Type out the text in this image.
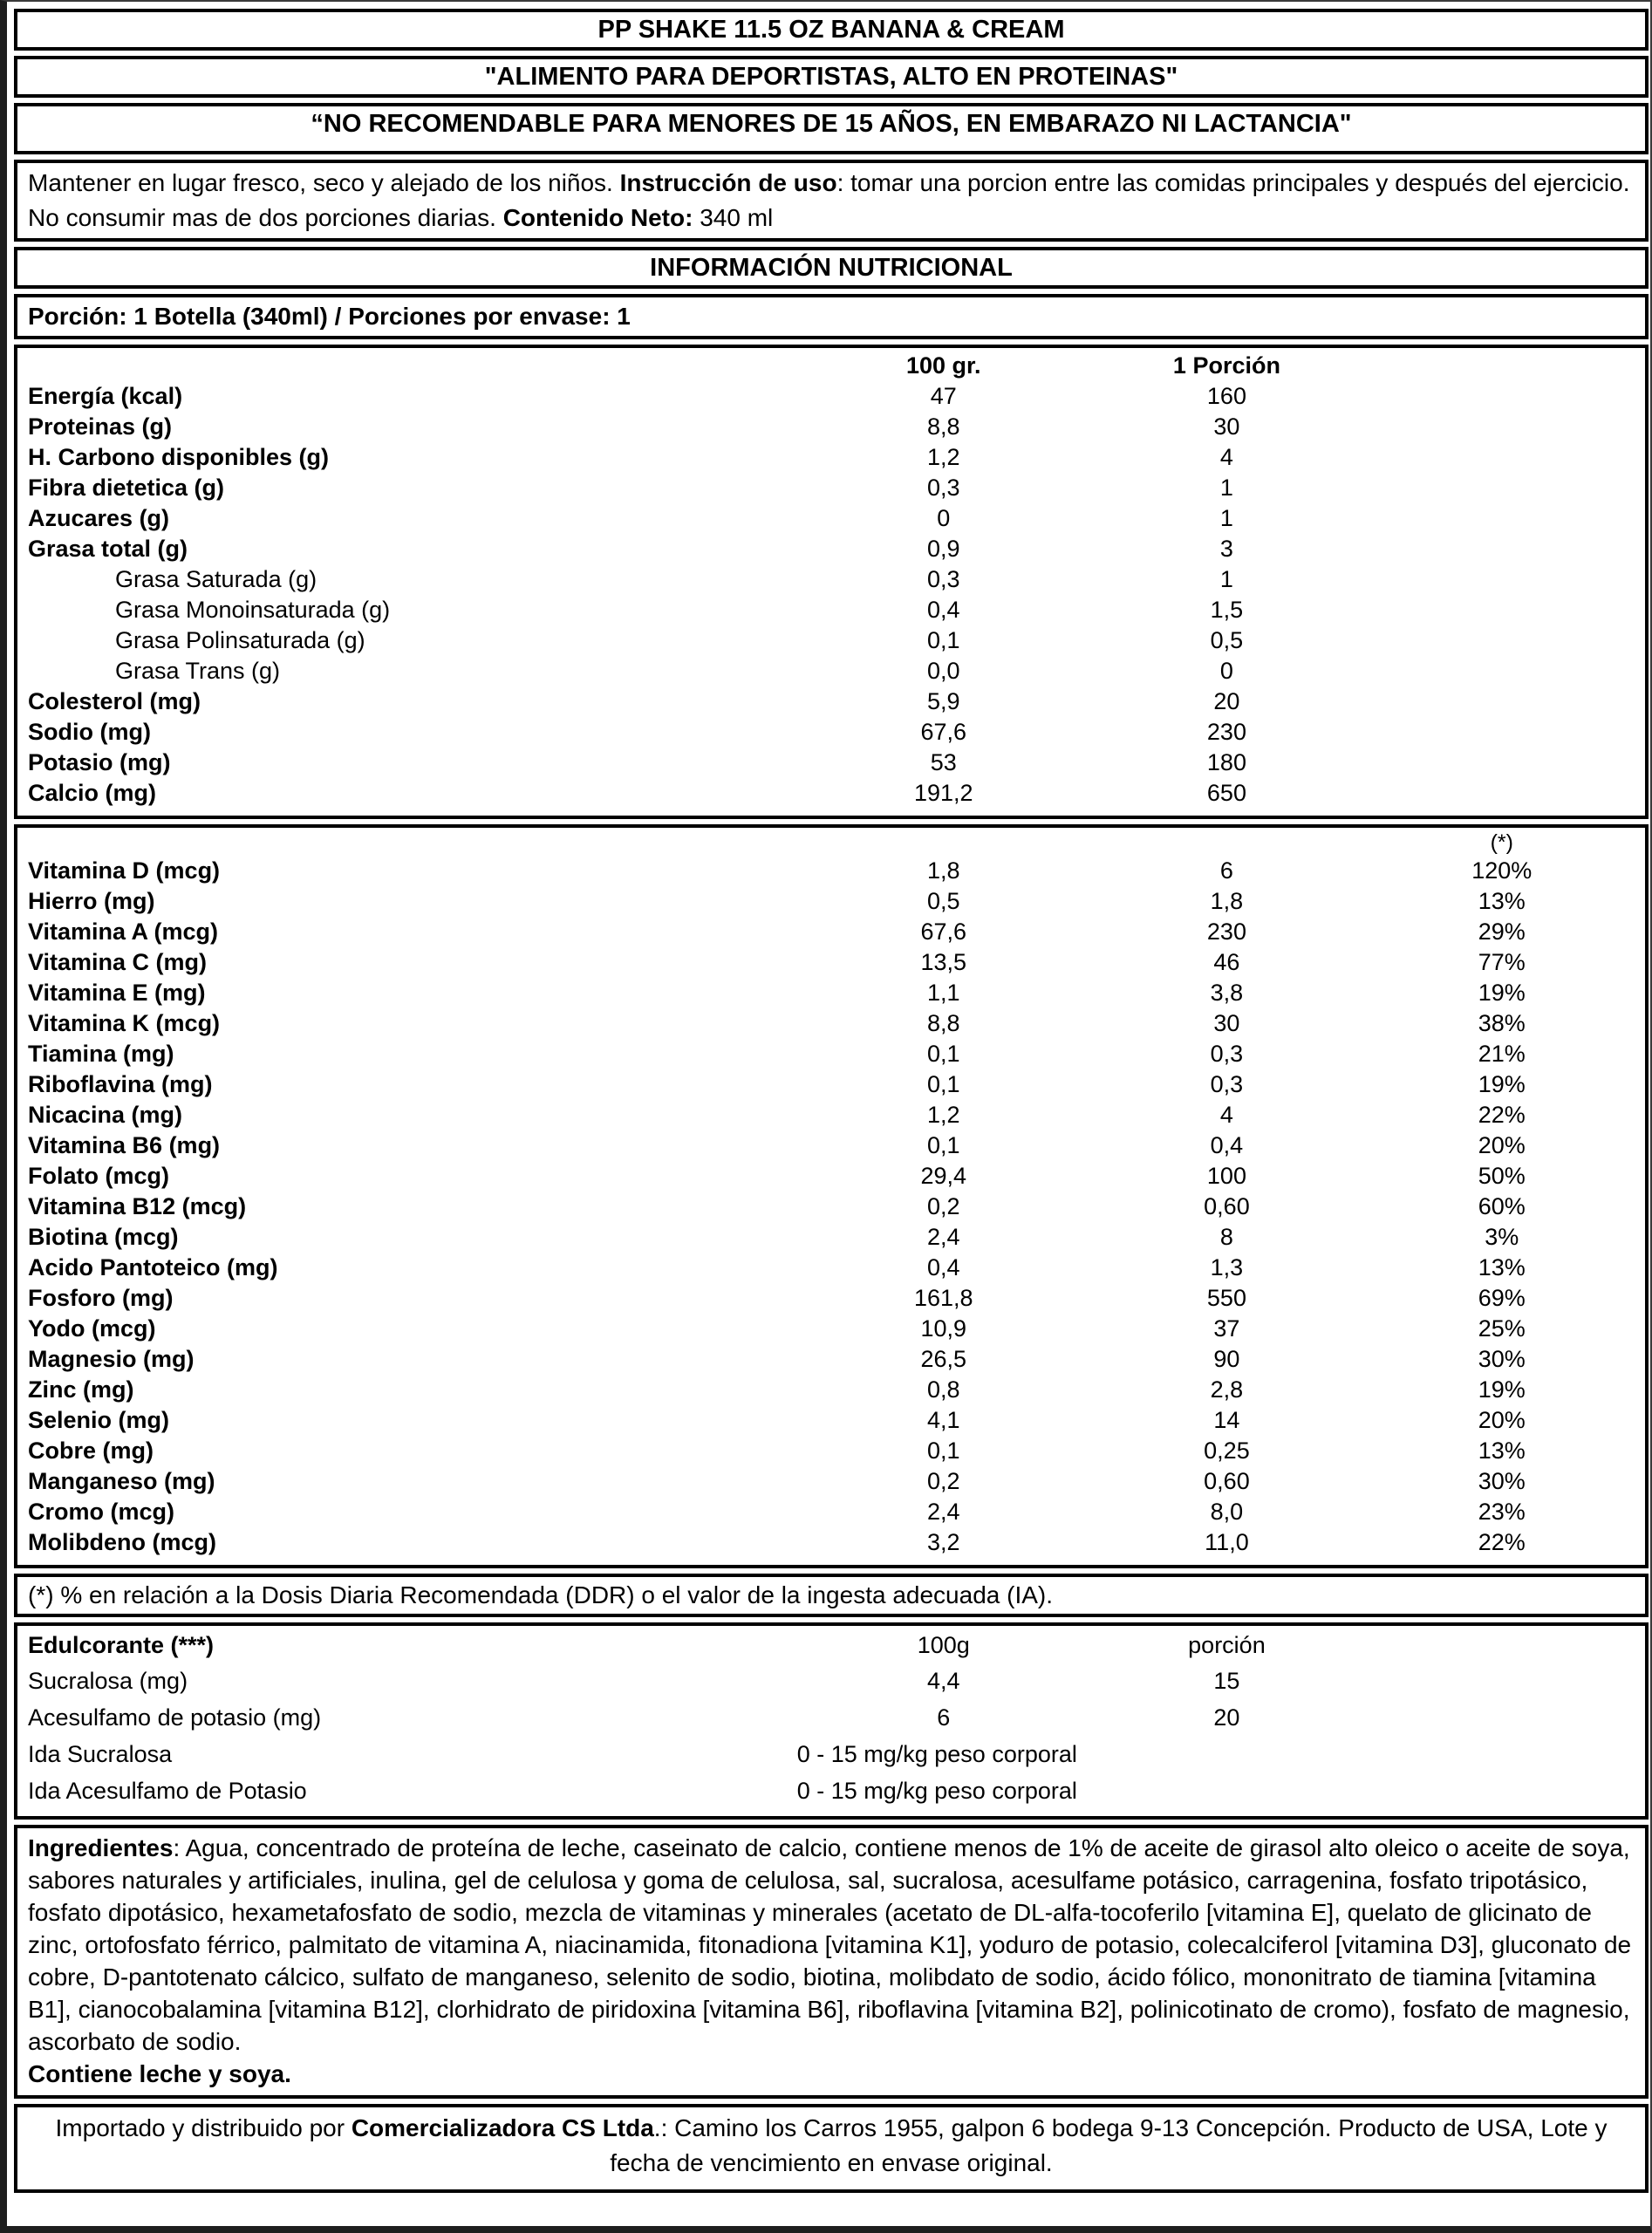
PP SHAKE 11.5 OZ BANANA & CREAM
"ALIMENTO PARA DEPORTISTAS, ALTO EN PROTEINAS"
“NO RECOMENDABLE PARA MENORES DE 15 AÑOS, EN EMBARAZO NI LACTANCIA"
Mantener en lugar fresco, seco y alejado de los niños. Instrucción de uso: tomar una porcion entre las comidas principales y después del ejercicio. No consumir mas de dos porciones diarias. Contenido Neto: 340 ml
INFORMACIÓN NUTRICIONAL
Porción: 1 Botella (340ml) / Porciones por envase: 1
100 gr.	1 Porción
Energía (kcal)	47	160
Proteinas (g)	8,8	30
H. Carbono disponibles (g)	1,2	4
Fibra dietetica (g)	0,3	1
Azucares (g)	0	1
Grasa total (g)	0,9	3
Grasa Saturada (g)	0,3	1
Grasa Monoinsaturada (g)	0,4	1,5
Grasa Polinsaturada (g)	0,1	0,5
Grasa Trans (g)	0,0	0
Colesterol (mg)	5,9	20
Sodio (mg)	67,6	230
Potasio (mg)	53	180
Calcio (mg)	191,2	650
(*)
Vitamina D (mcg)	1,8	6	120%
Hierro (mg)	0,5	1,8	13%
Vitamina A (mcg)	67,6	230	29%
Vitamina C (mg)	13,5	46	77%
Vitamina E (mg)	1,1	3,8	19%
Vitamina K (mcg)	8,8	30	38%
Tiamina (mg)	0,1	0,3	21%
Riboflavina (mg)	0,1	0,3	19%
Nicacina (mg)	1,2	4	22%
Vitamina B6 (mg)	0,1	0,4	20%
Folato (mcg)	29,4	100	50%
Vitamina B12 (mcg)	0,2	0,60	60%
Biotina (mcg)	2,4	8	3%
Acido Pantoteico (mg)	0,4	1,3	13%
Fosforo (mg)	161,8	550	69%
Yodo (mcg)	10,9	37	25%
Magnesio (mg)	26,5	90	30%
Zinc (mg)	0,8	2,8	19%
Selenio (mg)	4,1	14	20%
Cobre (mg)	0,1	0,25	13%
Manganeso (mg)	0,2	0,60	30%
Cromo (mcg)	2,4	8,0	23%
Molibdeno (mcg)	3,2	11,0	22%
(*) % en relación a la Dosis Diaria Recomendada (DDR) o el valor de la ingesta adecuada (IA).
Edulcorante (***)	100g	porción
Sucralosa (mg)	4,4	15
Acesulfamo de potasio (mg)	6	20
Ida Sucralosa	0 - 15 mg/kg peso corporal
Ida Acesulfamo de Potasio	0 - 15 mg/kg peso corporal

Ingredientes: Agua, concentrado de proteína de leche, caseinato de calcio, contiene menos de 1% de aceite de girasol alto oleico o aceite de soya, sabores naturales y artificiales, inulina, gel de celulosa y goma de celulosa, sal, sucralosa, acesulfame potásico, carragenina, fosfato tripotásico, fosfato dipotásico, hexametafosfato de sodio, mezcla de vitaminas y minerales (acetato de DL-alfa-tocoferilo [vitamina E], quelato de glicinato de zinc, ortofosfato férrico, palmitato de vitamina A, niacinamida, fitonadiona [vitamina K1], yoduro de potasio, colecalciferol [vitamina D3], gluconato de cobre, D-pantotenato cálcico, sulfato de manganeso, selenito de sodio, biotina, molibdato de sodio, ácido fólico, mononitrato de tiamina [vitamina B1], cianocobalamina [vitamina B12], clorhidrato de piridoxina [vitamina B6], riboflavina [vitamina B2], polinicotinato de cromo), fosfato de magnesio, ascorbato de sodio.

Contiene leche y soya.

Importado y distribuido por Comercializadora CS Ltda.: Camino los Carros 1955, galpon 6 bodega 9-13 Concepción. Producto de USA, Lote y fecha de vencimiento en envase original.
